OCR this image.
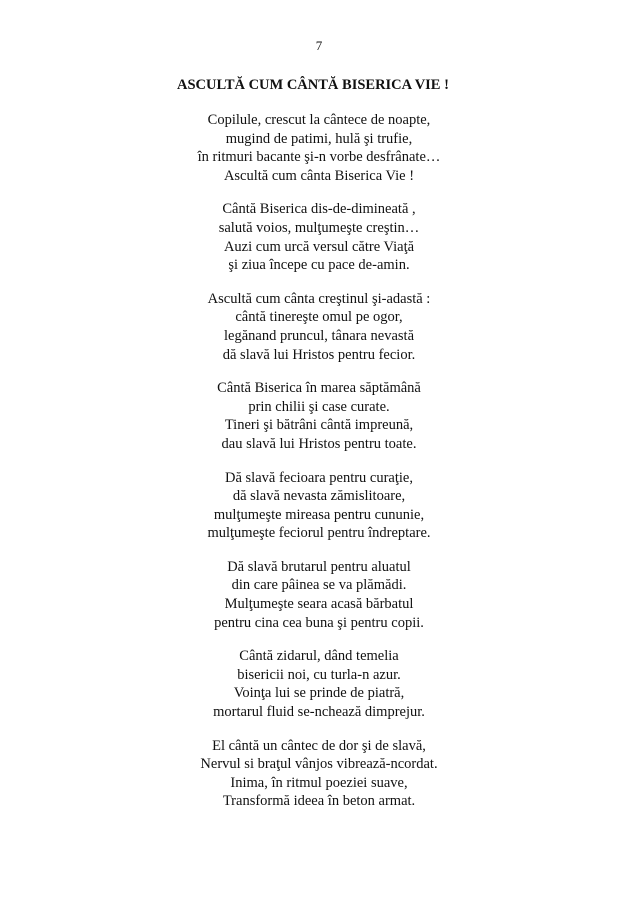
7
ASCULTĂ CUM CÂNTĂ BISERICA VIE !
Copilule, crescut la cântece de noapte,
mugind de patimi, hulă şi trufie,
în ritmuri bacante şi-n vorbe desfrânate…
Ascultă cum cânta Biserica Vie !
Cântă Biserica dis-de-dimineată ,
salută voios, mulţumeşte creştin…
Auzi cum urcă versul către Viaţă
şi ziua începe cu pace de-amin.
Ascultă cum cânta creştinul şi-adastă :
cântă tinereşte omul pe ogor,
legănand pruncul, tânara nevastă
dă slavă lui Hristos pentru fecior.
Cântă Biserica în marea săptămână
prin chilii şi case curate.
Tineri şi bătrâni cântă impreună,
dau slavă lui Hristos pentru toate.
Dă slavă fecioara pentru curaţie,
dă slavă nevasta zămislitoare,
mulţumeşte mireasa pentru cununie,
mulţumeşte feciorul pentru îndreptare.
Dă slavă brutarul pentru aluatul
din care pâinea se va plămădi.
Mulţumeşte seara acasă bărbatul
pentru cina cea buna şi pentru copii.
Cântă zidarul, dând temelia
bisericii noi, cu turla-n azur.
Voinţa lui se prinde de piatră,
mortarul fluid se-nchează dimprejur.
El cântă un cântec de dor şi de slavă,
Nervul si braţul vânjos vibrează-ncordat.
Inima, în ritmul poeziei suave,
Transformă ideea în beton armat.
